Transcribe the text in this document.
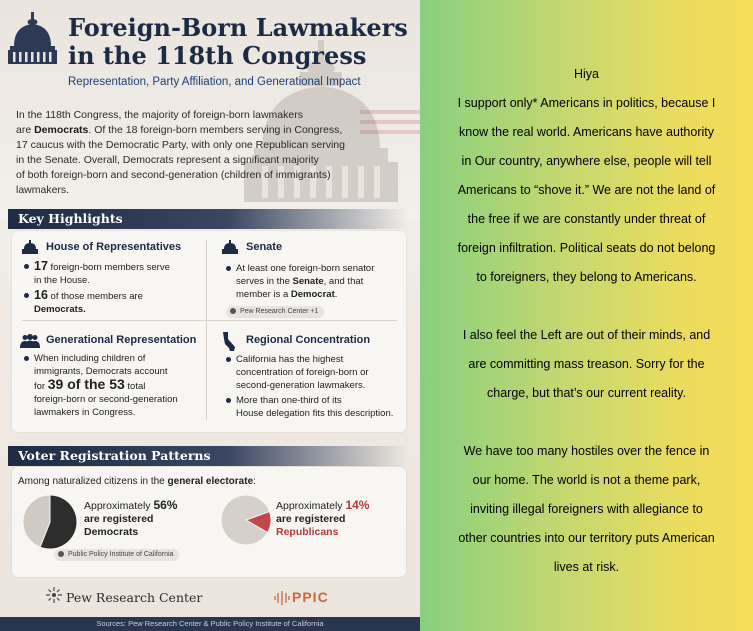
Foreign-Born Lawmakers
in the 118th Congress
Representation, Party Affiliation, and Generational Impact
In the 118th Congress, the majority of foreign-born lawmakers
are Democrats. Of the 18 foreign-born members serving in Congress,
17 caucus with the Democratic Party, with only one Republican serving
in the Senate. Overall, Democrats represent a significant majority
of both foreign-born and second-generation (children of immigrants)
lawmakers.
Key Highlights
House of Representatives
17 foreign-born members serve
in the House.
16 of those members are
Democrats.
Senate
At least one foreign-born senator
serves in the Senate, and that
member is a Democrat.
Pew Research Center +1
Generational Representation
When including children of
immigrants, Democrats account
for 39 of the 53 total
foreign-born or second-generation
lawmakers in Congress.
Regional Concentration
California has the highest
concentration of foreign-born or
second-generation lawmakers.
More than one-third of its
House delegation fits this description.
Voter Registration Patterns
Among naturalized citizens in the general electorate:
Approximately 56%
are registered
Democrats
Public Policy Institute of California
Approximately 14%
are registered
Republicans
Pew Research Center	PPIC
Sources: Pew Research Center & Public Policy Institute of California
Hiya
I support only* Americans in politics, because I
know the real world. Americans have authority
in Our country, anywhere else, people will tell
Americans to “shove it.” We are not the land of
the free if we are constantly under threat of
foreign infiltration. Political seats do not belong
to foreigners, they belong to Americans.
I also feel the Left are out of their minds, and
are committing mass treason. Sorry for the
charge, but that’s our current reality.
We have too many hostiles over the fence in
our home. The world is not a theme park,
inviting illegal foreigners with allegiance to
other countries into our territory puts American
lives at risk.
